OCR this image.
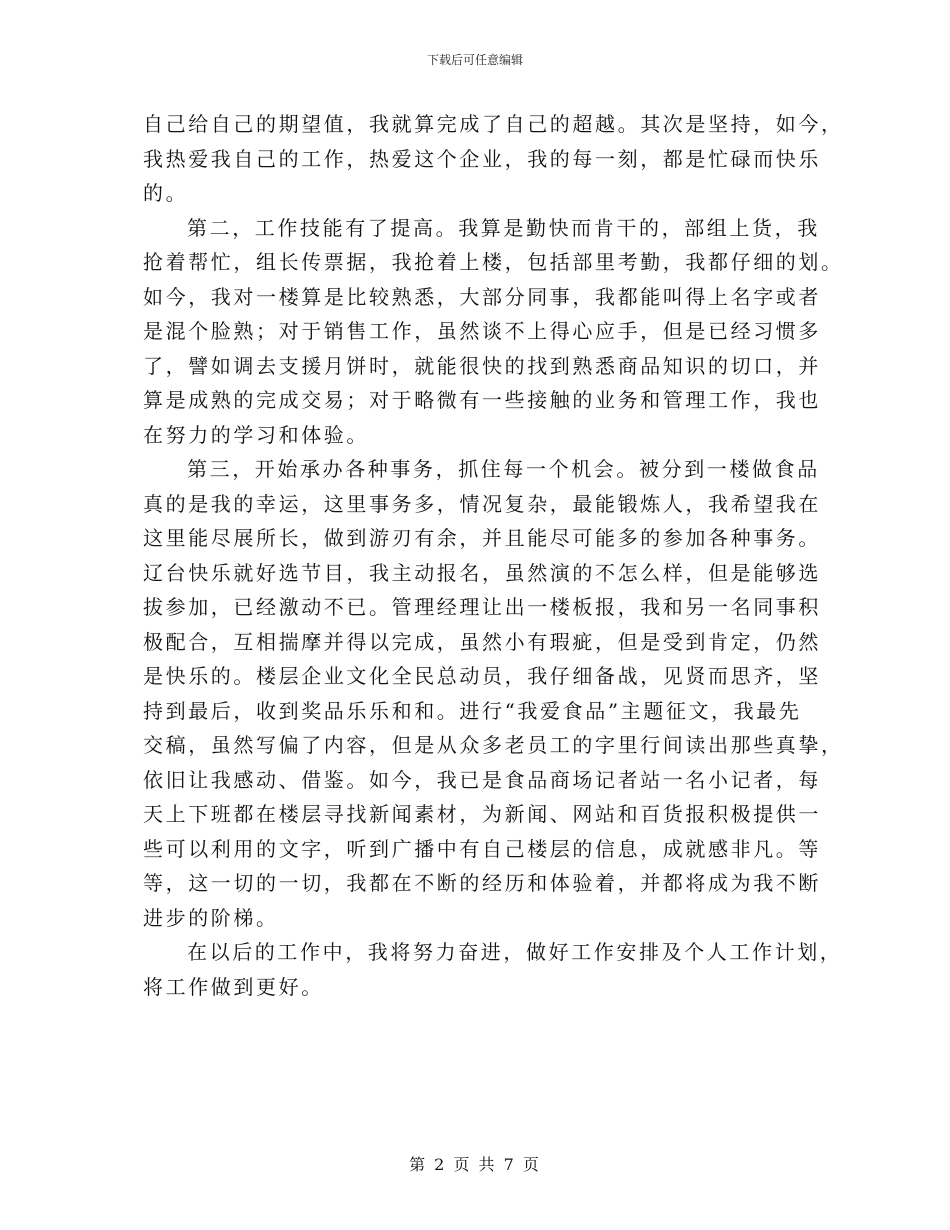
下载后可任意编辑
自己给自己的期望值，我就算完成了自己的超越。其次是坚持，如今，
我热爱我自己的工作，热爱这个企业，我的每一刻，都是忙碌而快乐
的。
第二，工作技能有了提高。我算是勤快而肯干的，部组上货，我
抢着帮忙，组长传票据，我抢着上楼，包括部里考勤，我都仔细的划。
如今，我对一楼算是比较熟悉，大部分同事，我都能叫得上名字或者
是混个脸熟；对于销售工作，虽然谈不上得心应手，但是已经习惯多
了，譬如调去支援月饼时，就能很快的找到熟悉商品知识的切口，并
算是成熟的完成交易；对于略微有一些接触的业务和管理工作，我也
在努力的学习和体验。
第三，开始承办各种事务，抓住每一个机会。被分到一楼做食品
真的是我的幸运，这里事务多，情况复杂，最能锻炼人，我希望我在
这里能尽展所长，做到游刃有余，并且能尽可能多的参加各种事务。
辽台快乐就好选节目，我主动报名，虽然演的不怎么样，但是能够选
拔参加，已经激动不已。管理经理让出一楼板报，我和另一名同事积
极配合，互相揣摩并得以完成，虽然小有瑕疵，但是受到肯定，仍然
是快乐的。楼层企业文化全民总动员，我仔细备战，见贤而思齐，坚
持到最后，收到奖品乐乐和和。进行“我爱食品”主题征文，我最先
交稿，虽然写偏了内容，但是从众多老员工的字里行间读出那些真挚，
依旧让我感动、借鉴。如今，我已是食品商场记者站一名小记者，每
天上下班都在楼层寻找新闻素材，为新闻、网站和百货报积极提供一
些可以利用的文字，听到广播中有自己楼层的信息，成就感非凡。等
等，这一切的一切，我都在不断的经历和体验着，并都将成为我不断
进步的阶梯。
在以后的工作中，我将努力奋进，做好工作安排及个人工作计划，
将工作做到更好。
第 2 页 共 7 页
